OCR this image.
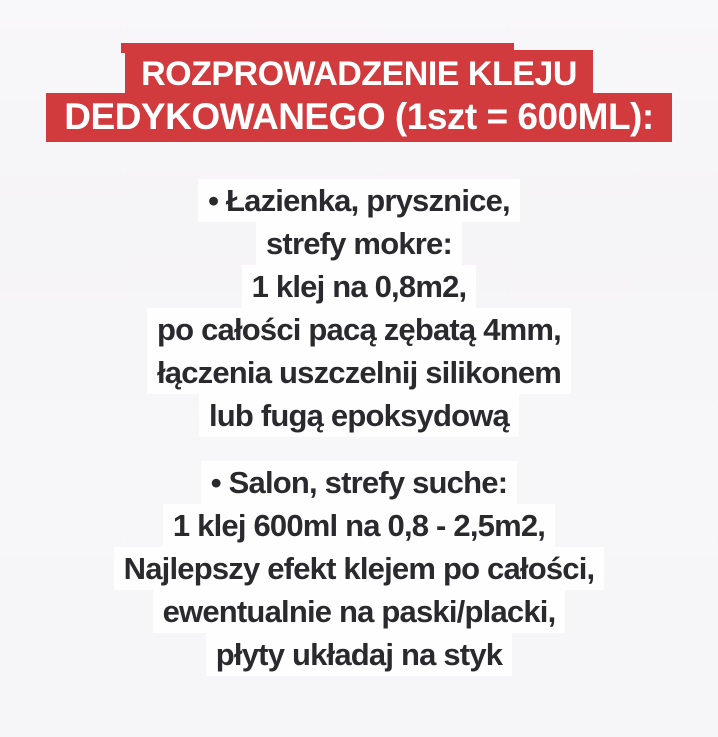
ROZPROWADZENIE KLEJU
DEDYKOWANEGO (1szt = 600ML):
• Łazienka, prysznice,
strefy mokre:
1 klej na 0,8m2,
po całości pacą zębatą 4mm,
łączenia uszczelnij silikonem
lub fugą epoksydową
• Salon, strefy suche:
1 klej 600ml na 0,8 - 2,5m2,
Najlepszy efekt klejem po całości,
ewentualnie na paski/placki,
płyty układaj na styk
